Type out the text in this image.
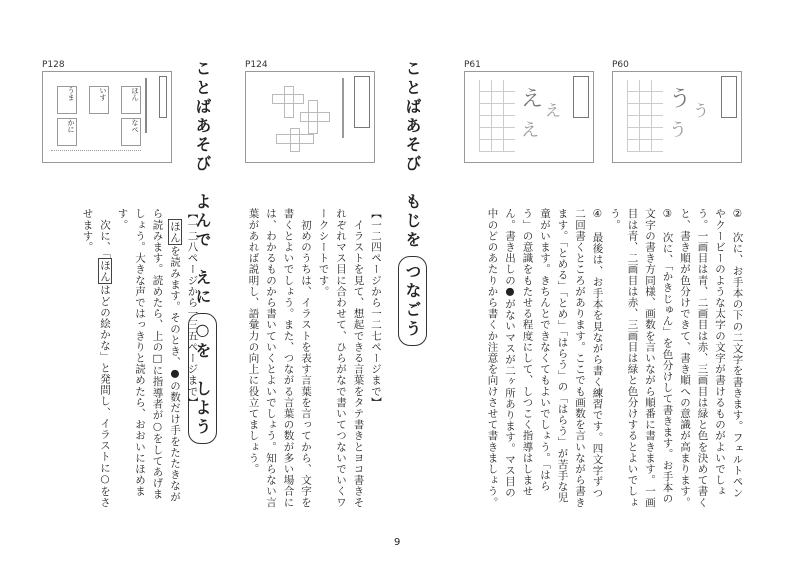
P128
ほん
なべ
いす
うま
かに
P124	P61
え
え
え
P60
う
う
う
ことばあそび　よんで　えに○を　しよう

【一二八ページから一三五ページまで】

　ほんを読みます。そのとき、●の数だけ手をたたきながら読みます。読めたら、上の□に指導者が○をしてあげましょう。大きな声ではっきりと読めたら、おおいにほめます。

　次に、「ほんはどの絵かな」と発問し、イラストに○をさせます。	ことばあそび　もじをつなごう

【一二四ページから一二七ページまで】

　イラストを見て、想起できる言葉をタテ書きとヨコ書きそれぞれマス目に合わせて、ひらがなで書いてつないでいくワークシートです。

　初めのうちは、イラストを表す言葉を言ってから、文字を書くとよいでしょう。また、つながる言葉の数が多い場合には、わかるものから書いていくとよいでしょう。知らない言葉があれば説明し、語彙力の向上に役立てましょう。	②　次に、お手本の下の二文字を書きます。フェルトペンやクービーのような太字の文字が書けるものがよいでしょう。一画目は青、二画目は赤、三画目は緑と色を決めて書くと、書き順が色分けできて、書き順への意識が高まります。

③　次に、「かきじゅん」を色分けして書きます。お手本の文字の書き方同様、画数を言いながら順番に書きます。一画目は青、二画目は赤、三画目は緑と色分けするとよいでしょう。

④　最後は、お手本を見ながら書く練習です。四文字ずつ二回書くところがあります。ここでも画数を言いながら書きます。「とめる」「とめ」「はらう」の「はらう」が苦手な児童がいます。きちんとできなくてもよいでしょう。「はらう」の意識をもたせる程度にして、しつこく指導はしません。書き出しの●がないマスが二ヶ所あります。マス目の中のどのあたりから書くか注意を向けさせて書きましょう。

9
